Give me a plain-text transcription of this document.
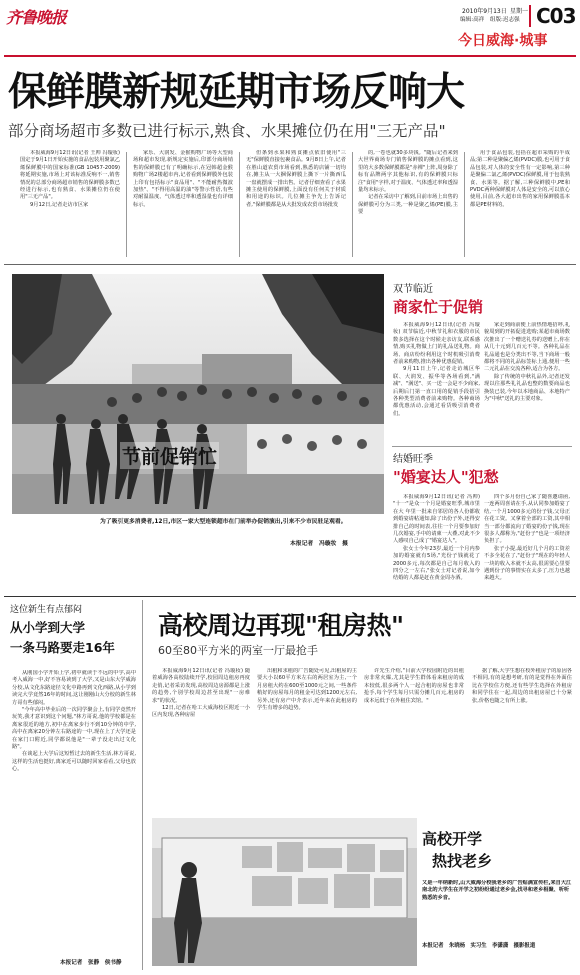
齐鲁晚报	2010年9月13日 星期一
编辑:高祥　组版:迟志强 C03
今日威海·城事
保鲜膜新规延期市场反响大
部分商场超市多数已进行标示,熟食、水果摊位仍在用"三无产品"

本报威海9月12日讯(记者 王帅 冯璇妆) 国定于9月1日开始实施的食品包装用聚氯乙烯保鲜膜中的国家标准(GB 10457-2009)将延期实施,市场上对该标准反响不一,销售情况的总部分商场超市销售的保鲜膜多数已经进行标示,也有熟食、水果摊位仍在使用"三无产品"。

9月12日,记者走访市区家

家乐、大润发、金猴购物广场等大型商场和超市发现,新规定实施后,印部分商场销售的保鲜膜已有了明确标示,在冠韩超金猴购物广场2楼超市内,记者看到保鲜膜外包装上印有包括标示"食品用"、"不能耐热微波加热"、"不得用高温的油"等警示性语,有些对耐温温度、气体透过率和透湿量也有详细标示。

但条到水果和熟食摊点依旧使用"三无"保鲜膜直接包裹食品。9月8日上午,记者在胜山道农贸市场看到,熟悉的店铺一切均在,摊主从一大捆保鲜膜上撕下一片撕西瓜一盘就摆成一排出售。记者仔细查看了水果摊主使用的保鲜膜,上面没有任何关于材质和用途的标识。几位摊主争先上告诉记者,"保鲜膜都是从大批发成农贸市场批发

的,一卷也就30多块钱。"随后记者来到大世界商场专门销售保鲜膜的摊点看到,这里的大多数保鲜膜都是"赤裸"上阵,周身除了标有品牌两字其他标识,有的保鲜膜只标注"食用"字样,对于温度、气体透过率和透湿量均未标示。

记者在采访中了解到,目前市场上出售的保鲜膜可分为三类,一种是聚乙烯(PE)膜,主要

用于食品包装,包括在超市采购的半成品;第二种是聚偏乙烯(PVDC)膜,也可用于食品包装,对人体的安全性有一定影响,第三种是聚偏二氯乙烯(PVDC)保鲜膜,用于包装熟食、水果等。据了解,三种保鲜膜中,PE和PVDC两种保鲜膜对人体是安全的,可以放心使用,目前,各大超市出售的家用保鲜膜基本都是PE材料的。

节前促销忙
为了吸引更多消费者,12日,市区一家大型连锁超市在门前举办促销演出,引来不少市民驻足观看。
本报记者　冯璇妆　摄
双节临近
商家忙于促销

本报威海9月12日讯(记者 冯璇妆) 双节临近,中秋节礼和衣服的市民数多选择在这个时候走亲访友,联系感情,购买礼物做上门的礼品送礼物。商场、商店纷纷利用这个时机吸引消费者前来购物,推出各种优惠促销。

9月11日上午,记者走访城区华联、大润发、振华等各场看到,"满减"、"满送"、买一送一会是不少商家,后期后门第一直口用的促销手段招引各种类型消费者前来购物。各种商场都优惠活动,会通过看货吸引消费者们。

家走到商前便上前热情地招呼,礼貌周到的开拓促进选购;某超市商场数次推出了一个赠送礼券的送赠上,你在从几十元到几百元不等。各种礼品在礼品通也是分类出不等,当下商场一般都将不同的礼品标签标上通,便用一些二元礼品在交流各种,适合为各方。

除了传统的中秋礼品外,记者还发现以往那些礼礼品也整的数要商品也换装已装,今年以本地商品、本地特产为"中秋"送礼的主要对象。

结婚旺季
"婚宴达人"犯愁

本报威海9月12日讯(记者 冯帅) "十一"是众一个月是婚宴旺季,城市里在大 年里一批来自邻居的各人份都收到婚宴请帖通知,除了出份子外,还得安排自己的时间表,往往一个月要参加好几次婚宴,手中的请柬一大叠,对此不少人感叹自己成了"婚宴达人"。

张女士今年23岁,最近一个月内参加的婚宴就有5场,"光份子钱就花了2000多元,每次都是自己每月收入的四分之一左右,"张女士对记者说,如今结婚的人都是赶在黄金周办酒。

四个多月份自己家了随喜邀请函,一连两周喜请在手,从认同参加婚宴了结,一个月1000多元的份子钱,父母正在花工资。又拿着全部的工资,其中相当一部分都流向了婚宴的份子钱,现在很多人都称为,"赶份子"也是一项经济负担了。

张子小提,最近好几个月的工资差不多全花在了,"赶份子"现在的年轻人一块的收入本就不太高,很需要心里要遇到份子的事情实在太多了,压力也越来越大。

这位新生有点郁闷
从小学到大学
一条马路要走16年

从刚国小学开始上学,初中就读于不远的中学,高中考入威海一中,好不容易读到了大学,又是山东大学威海分校,从文化东路途径文化中路再到文化西路,从小学到读完大学竟然16年的时间,这让刚刚山大分校的新生林方哥有些郁闷。

"今年高中毕业后的一次同学聚会上,有同学竟然开玩笑,我才意识到这个问题,"林方哥说,他的学校都是在离家很近的地方,初中在离家步行不到10分钟的中学,高中在离家20分钟左右路途的一中,现在上了大学还是在家门口附近,同学都说他是"一辈子没走出过文化路"。

在谈起上大学后这短暂过去的新生生活,林方哥说,这样的生活也挺好,离家近可以随时回家看看,父母也放心。

本报记者　张静　侯书静
高校周边再现"租房热"
60至80平方米的两室一厅最抢手

本报威海9月12日讯(记者 冯璇妆) 随着威海各高校陆续开学,校园周边租房再度走俏,记者采访发现,高校周边房源都是上涨的趋势,个别学校周边甚至出现"一房难求"的状况。

12日,记者在哈工大威海校区附近一小区内发现,各种房屋

出租和求租的广告随处可见,出租屋的主要大小以60平方米左右的两居室为主,一个月房租大约在600至1000元之间,一些条件稍好的房屋每月的租金可达到1200元左右,另外,还有房产中介表示,近年来在此租房的学生有增多的趋势。

许先生介绍,"目前大学校园附近的出租房非常火爆,尤其是学生群体看来租房的成本较低,很多两个人一起合租的房屋也非常抢手,每个学生每月只需分摊几百元,租房的成本远低于在外租住宾馆。"

据了解,大学生想在校外租房子的原因各不相同,有的是想考研,有的是觉得在外面住比在学校住方便,还有些学生选择在外租房和同学住在一起,周边的出租房屋已十分紧张,价格也随之有所上涨。

高校开学
热找老乡
又是一年纳新时,山大威海分校我老乡的广告贴满宣传栏,来自大江南北的大学生在开学之初纷纷通过老乡会,找寻和老乡相聚、听听熟悉的乡音。
本报记者　朱晓杨　实习生　李潇潇　摄影报道
